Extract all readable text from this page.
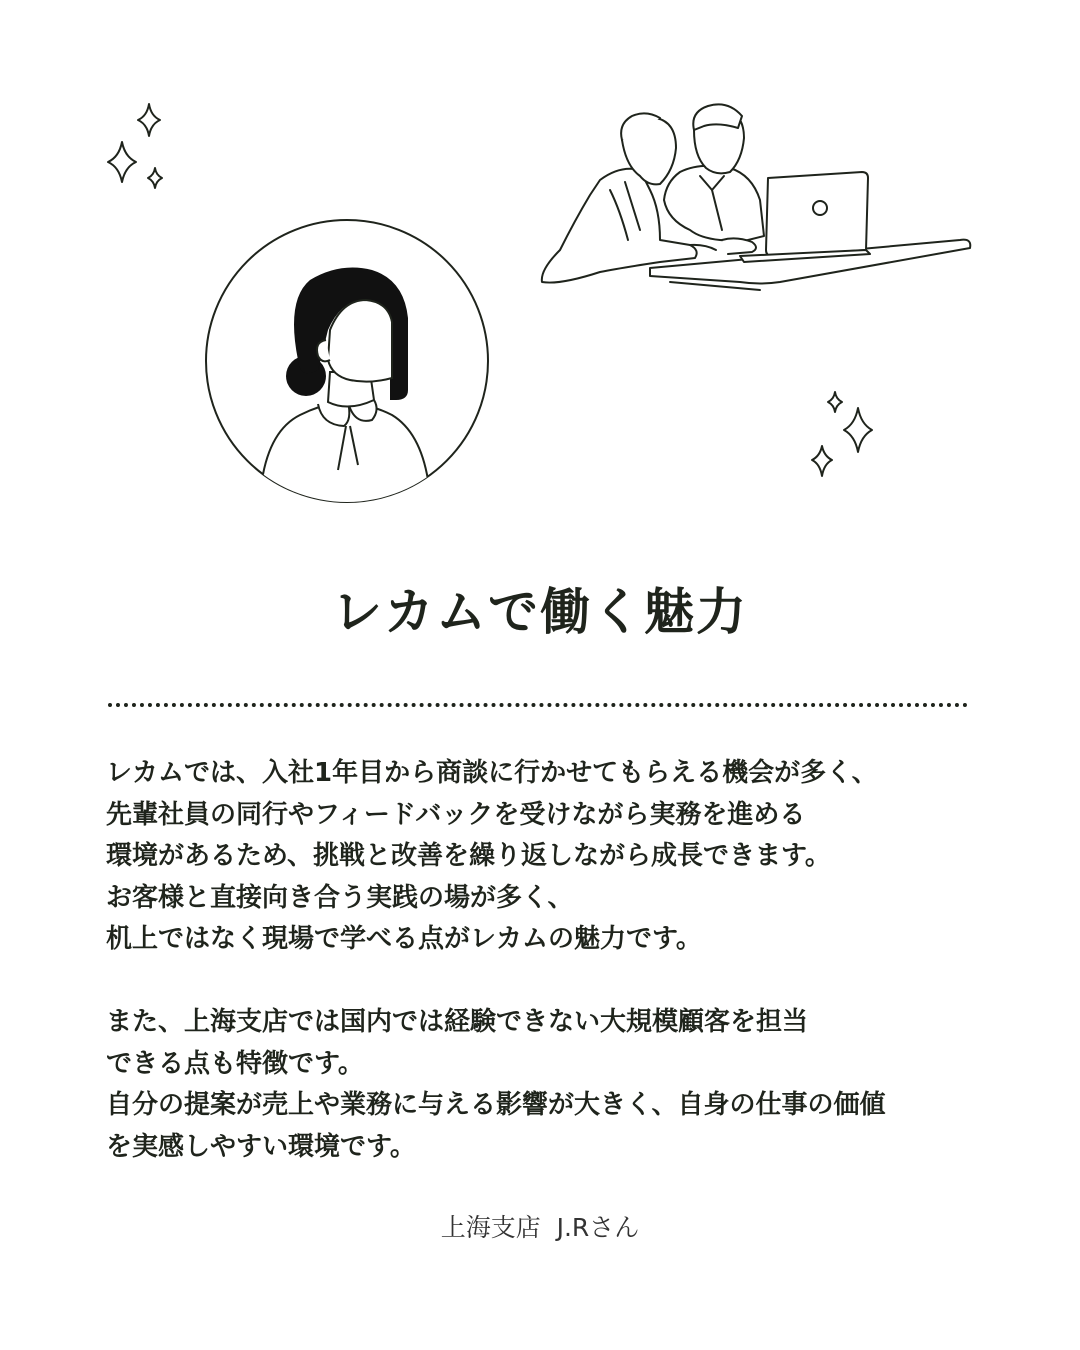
レカムで働く魅力

レカムでは、入社1年目から商談に行かせてもらえる機会が多く、
先輩社員の同行やフィードバックを受けながら実務を進める
環境があるため、挑戦と改善を繰り返しながら成長できます。
お客様と直接向き合う実践の場が多く、
机上ではなく現場で学べる点がレカムの魅力です。

また、上海支店では国内では経験できない大規模顧客を担当
できる点も特徴です。
自分の提案が売上や業務に与える影響が大きく、自身の仕事の価値
を実感しやすい環境です。

上海支店 J.Rさん
